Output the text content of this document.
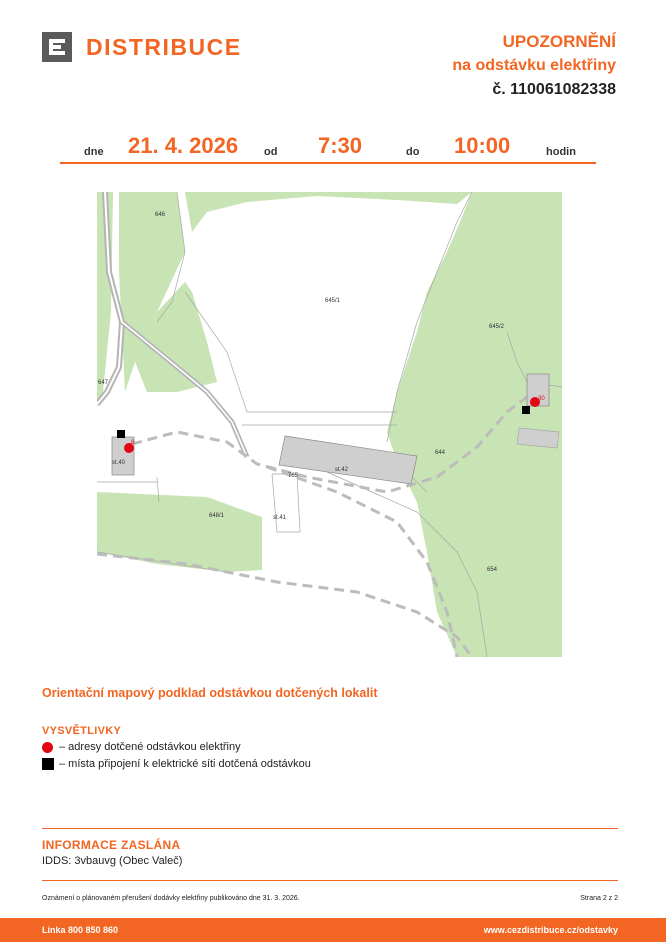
DISTRIBUCE	UPOZORNĚNÍ
na odstávku elektřiny
č. 110061082338
dne 21. 4. 2026 od 7:30	do 10:00	hodin
646
645/1
645/2
647
st.40
st.42
765
644
648/1	st.41
654
8
30
Orientační mapový podklad odstávkou dotčených lokalit
VYSVĚTLIVKY
– adresy dotčené odstávkou elektřiny
– místa připojení k elektrické síti dotčená odstávkou
INFORMACE ZASLÁNA
IDDS: 3vbauvg (Obec Valeč)
Oznámení o plánovaném přerušení dodávky elektřiny publikováno dne 31. 3. 2026.	Strana 2 z 2
Linka 800 850 860	www.cezdistribuce.cz/odstavky
